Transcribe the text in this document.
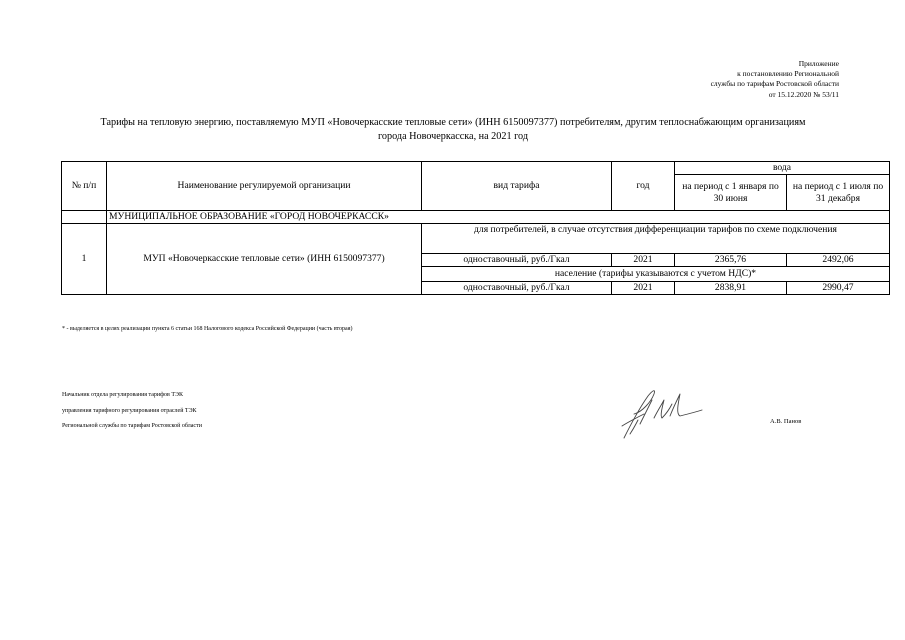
Приложение
к постановлению Региональной
службы по тарифам Ростовской области
от 15.12.2020 № 53/11
Тарифы на тепловую энергию, поставляемую МУП «Новочеркасские тепловые сети» (ИНН 6150097377) потребителям, другим теплоснабжающим организациям
города Новочеркасска, на 2021 год
№ п/п	Наименование регулируемой организации	вид тарифа	год	вода	
				на период с 1 января по 30 июня	на период с 1 июля по 31 декабря
	МУНИЦИПАЛЬНОЕ ОБРАЗОВАНИЕ «ГОРОД НОВОЧЕРКАССК»				
1	МУП «Новочеркасские тепловые сети» (ИНН 6150097377)	для потребителей, в случае отсутствия дифференциации тарифов по схеме подключения			
		одноставочный, руб./Гкал	2021	2365,76	2492,06
		население (тарифы указываются с учетом НДС)*			
		одноставочный, руб./Гкал	2021	2838,91	2990,47
* - выделяется в целях реализации пункта 6 статьи 168 Налогового кодекса Российской Федерации (часть вторая)
Начальник отдела регулирования тарифов ТЭК
управления тарифного регулирования отраслей ТЭК
Региональной службы по тарифам Ростовской области
А.В. Панов
